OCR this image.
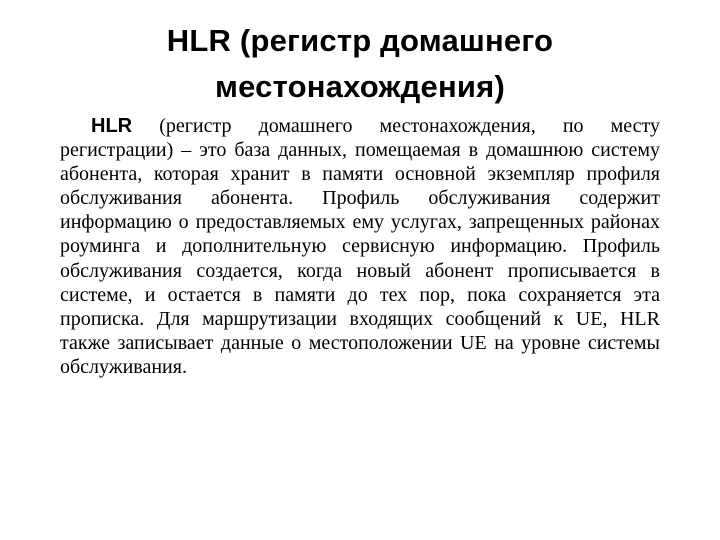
HLR (регистр домашнего
местонахождения)

HLR (регистр домашнего местонахождения, по месту регистрации) – это база данных, помещаемая в домашнюю систему абонента, которая хранит в памяти основной экземпляр профиля обслуживания абонента. Профиль обслуживания содержит информацию о предоставляемых ему услугах, запрещенных районах роуминга и дополнительную сервисную информацию. Профиль обслуживания создается, когда новый абонент прописывается в системе, и остается в памяти до тех пор, пока сохраняется эта прописка. Для маршрутизации входящих сообщений к UE, HLR также записывает данные о местоположении UE на уровне системы обслуживания.
